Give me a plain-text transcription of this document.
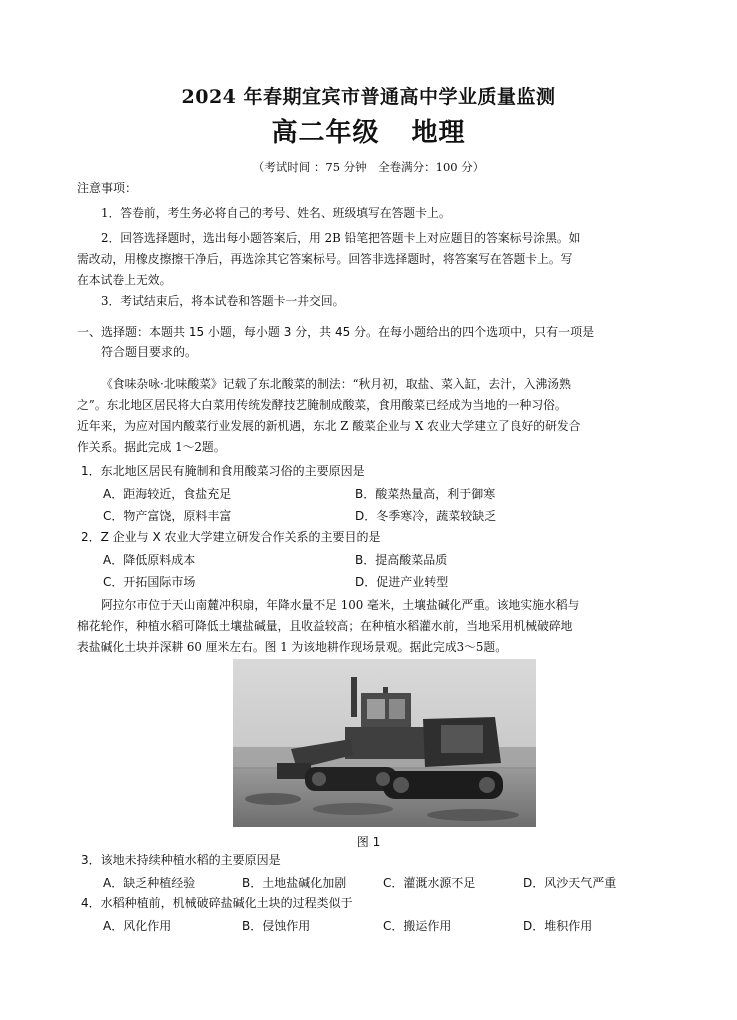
2024 年春期宜宾市普通高中学业质量监测
高二年级 地理
（考试时间 ：75 分钟　全卷满分：100 分）
注意事项：
1．答卷前，考生务必将自己的考号、姓名、班级填写在答题卡上。
2．回答选择题时，选出每小题答案后，用 2B 铅笔把答题卡上对应题目的答案标号涂黑。如
需改动，用橡皮擦擦干净后，再选涂其它答案标号。回答非选择题时，将答案写在答题卡上。写
在本试卷上无效。
3．考试结束后，将本试卷和答题卡一并交回。
一、选择题：本题共 15 小题，每小题 3 分，共 45 分。在每小题给出的四个选项中，只有一项是
符合题目要求的。
《食味杂咏·北味酸菜》记载了东北酸菜的制法：“秋月初，取盐、菜入缸，去汁，入沸汤熟
之”。东北地区居民将大白菜用传统发酵技艺腌制成酸菜，食用酸菜已经成为当地的一种习俗。
近年来，为应对国内酸菜行业发展的新机遇，东北 Z 酸菜企业与 X 农业大学建立了良好的研发合
作关系。据此完成 1～2题。
1．东北地区居民有腌制和食用酸菜习俗的主要原因是
A．距海较近，食盐充足	B．酸菜热量高，利于御寒
C．物产富饶，原料丰富	D．冬季寒冷，蔬菜较缺乏
2．Z 企业与 X 农业大学建立研发合作关系的主要目的是
A．降低原料成本	B．提高酸菜品质
C．开拓国际市场	D．促进产业转型
阿拉尔市位于天山南麓冲积扇，年降水量不足 100 毫米，土壤盐碱化严重。该地实施水稻与
棉花轮作，种植水稻可降低土壤盐碱量，且收益较高；在种植水稻灌水前，当地采用机械破碎地
表盐碱化土块并深耕 60 厘米左右。图 1 为该地耕作现场景观。据此完成3～5题。
图 1
3．该地未持续种植水稻的主要原因是
A．缺乏种植经验	B．土地盐碱化加剧	C．灌溉水源不足	D．风沙天气严重
4．水稻种植前，机械破碎盐碱化土块的过程类似于
A．风化作用	B．侵蚀作用	C．搬运作用	D．堆积作用
